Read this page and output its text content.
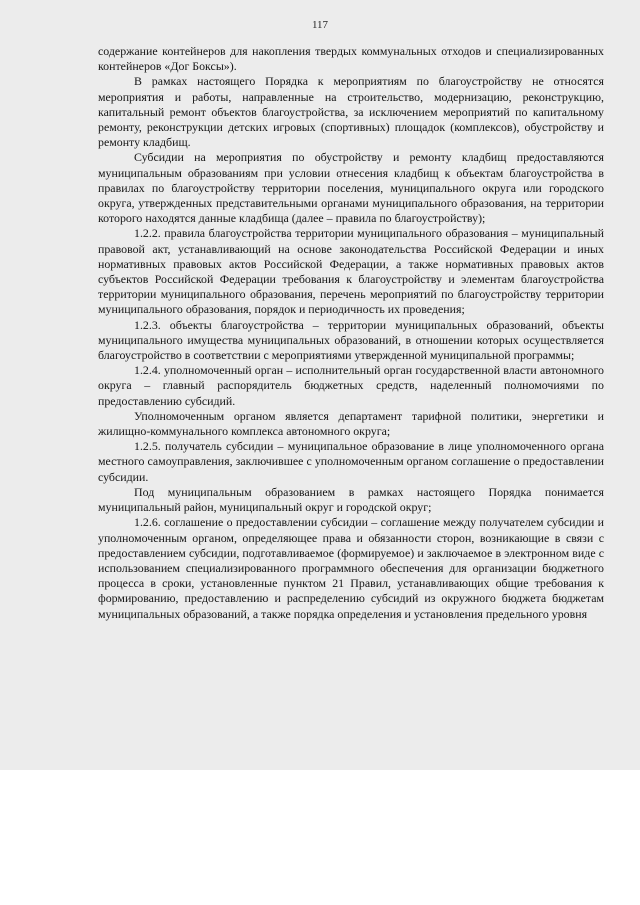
117

содержание контейнеров для накопления твердых коммунальных отходов и специализированных контейнеров «Дог Боксы»).

В рамках настоящего Порядка к мероприятиям по благоустройству не относятся мероприятия и работы, направленные на строительство, модернизацию, реконструкцию, капитальный ремонт объектов благоустройства, за исключением мероприятий по капитальному ремонту, реконструкции детских игровых (спортивных) площадок (комплексов), обустройству и ремонту кладбищ.

Субсидии на мероприятия по обустройству и ремонту кладбищ предоставляются муниципальным образованиям при условии отнесения кладбищ к объектам благоустройства в правилах по благоустройству территории поселения, муниципального округа или городского округа, утвержденных представительными органами муниципального образования, на территории которого находятся данные кладбища (далее – правила по благоустройству);

1.2.2. правила благоустройства территории муниципального образования – муниципальный правовой акт, устанавливающий на основе законодательства Российской Федерации и иных нормативных правовых актов Российской Федерации, а также нормативных правовых актов субъектов Российской Федерации требования к благоустройству и элементам благоустройства территории муниципального образования, перечень мероприятий по благоустройству территории муниципального образования, порядок и периодичность их проведения;

1.2.3. объекты благоустройства – территории муниципальных образований, объекты муниципального имущества муниципальных образований, в отношении которых осуществляется благоустройство в соответствии с мероприятиями утвержденной муниципальной программы;

1.2.4. уполномоченный орган – исполнительный орган государственной власти автономного округа – главный распорядитель бюджетных средств, наделенный полномочиями по предоставлению субсидий.

Уполномоченным органом является департамент тарифной политики, энергетики и жилищно-коммунального комплекса автономного округа;

1.2.5. получатель субсидии – муниципальное образование в лице уполномоченного органа местного самоуправления, заключившее с уполномоченным органом соглашение о предоставлении субсидии.

Под муниципальным образованием в рамках настоящего Порядка понимается муниципальный район, муниципальный округ и городской округ;

1.2.6. соглашение о предоставлении субсидии – соглашение между получателем субсидии и уполномоченным органом, определяющее права и обязанности сторон, возникающие в связи с предоставлением субсидии, подготавливаемое (формируемое) и заключаемое в электронном виде с использованием специализированного программного обеспечения для организации бюджетного процесса в сроки, установленные пунктом 21 Правил, устанавливающих общие требования к формированию, предоставлению и распределению субсидий из окружного бюджета бюджетам муниципальных образований, а также порядка определения и установления предельного уровня
